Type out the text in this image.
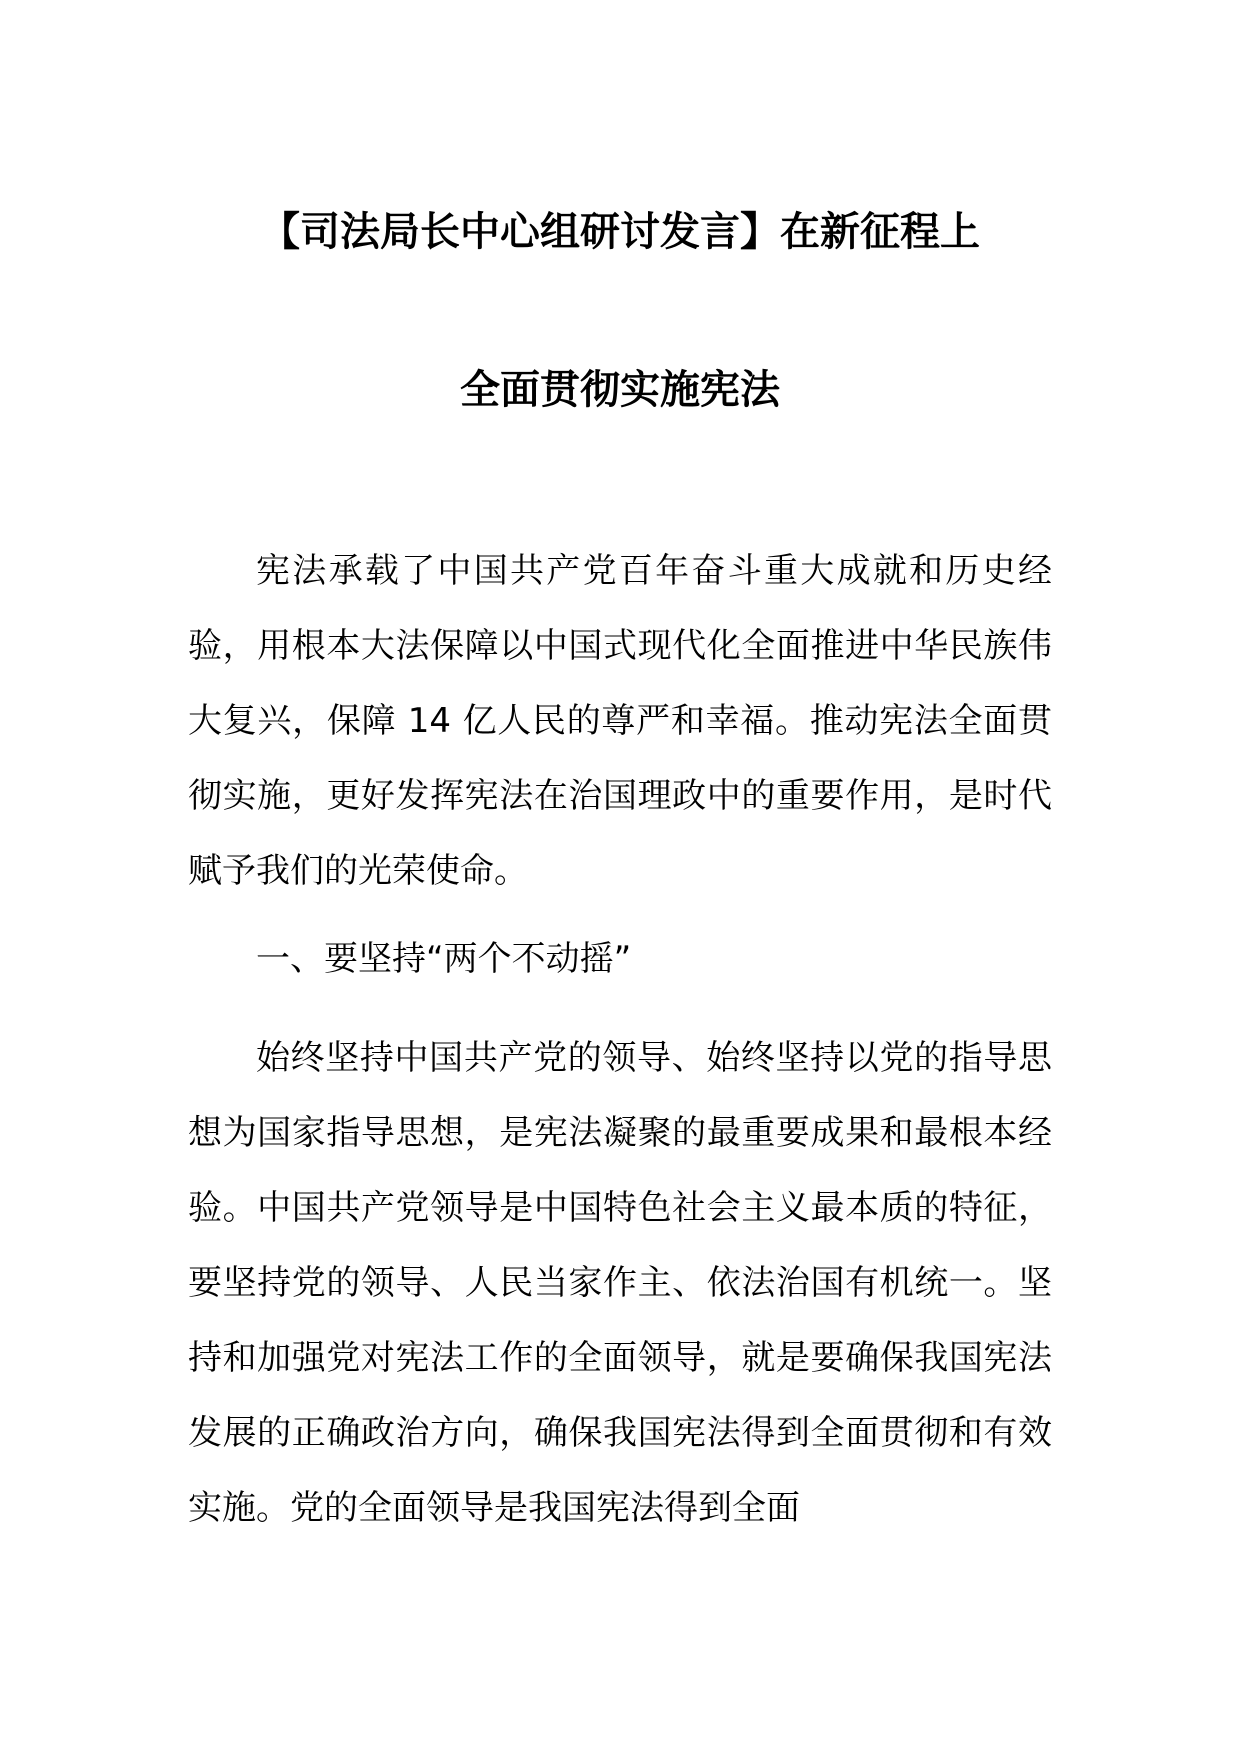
【司法局长中心组研讨发言】在新征程上
全面贯彻实施宪法

宪法承载了中国共产党百年奋斗重大成就和历史经验，用根本大法保障以中国式现代化全面推进中华民族伟大复兴，保障 14 亿人民的尊严和幸福。推动宪法全面贯彻实施，更好发挥宪法在治国理政中的重要作用，是时代赋予我们的光荣使命。

一、要坚持“两个不动摇”

始终坚持中国共产党的领导、始终坚持以党的指导思想为国家指导思想，是宪法凝聚的最重要成果和最根本经验。中国共产党领导是中国特色社会主义最本质的特征，要坚持党的领导、人民当家作主、依法治国有机统一。坚持和加强党对宪法工作的全面领导，就是要确保我国宪法发展的正确政治方向，确保我国宪法得到全面贯彻和有效实施。党的全面领导是我国宪法得到全面
